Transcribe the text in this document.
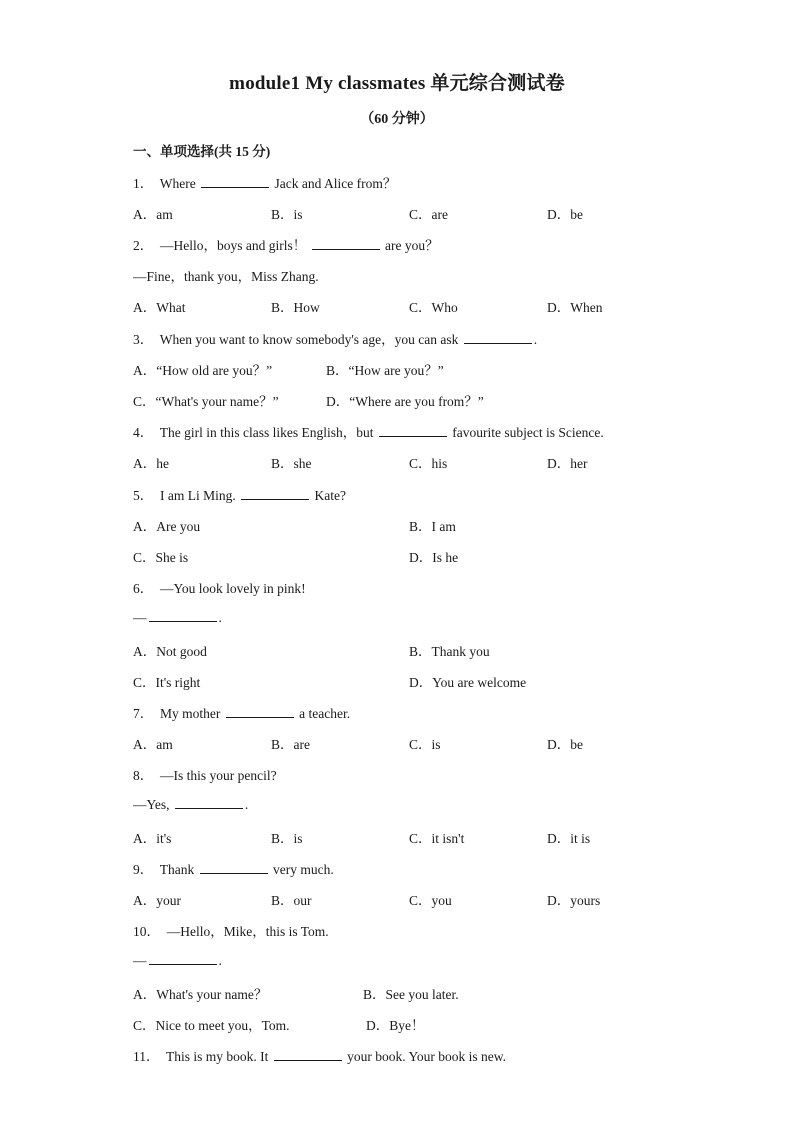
module1 My classmates 单元综合测试卷
（60 分钟）
一、单项选择(共 15 分)
1．  Where	Jack and Alice from？
A．am	B．is	C．are	D．be
2．  —Hello，boys and girls！	are you？
—Fine，thank you，Miss Zhang.
A．What	B．How	C．Who	D．When
3．  When you want to know somebody's age，you can ask	.
A．“How old are you？”	B．“How are you？”
C．“What's your name？”	D．“Where are you from？”
4．  The girl in this class likes English，but	favourite subject is Science.
A．he	B．she	C．his	D．her
5．  I am Li Ming.	Kate?
A．Are you	B．I am
C．She is	D．Is he
6．  —You look lovely in pink!
—	.
A．Not good	B．Thank you
C．It's right	D．You are welcome
7．  My mother	a teacher.
A．am	B．are	C．is	D．be
8．  —Is this your pencil?
—Yes,	.
A．it's	B．is	C．it isn't	D．it is
9．  Thank	very much.
A．your	B．our	C．you	D．yours
10．  —Hello，Mike，this is Tom.
—	.
A．What's your name？	B．See you later.
C．Nice to meet you，Tom.	D．Bye！
11．  This is my book. It	your book. Your book is new.
